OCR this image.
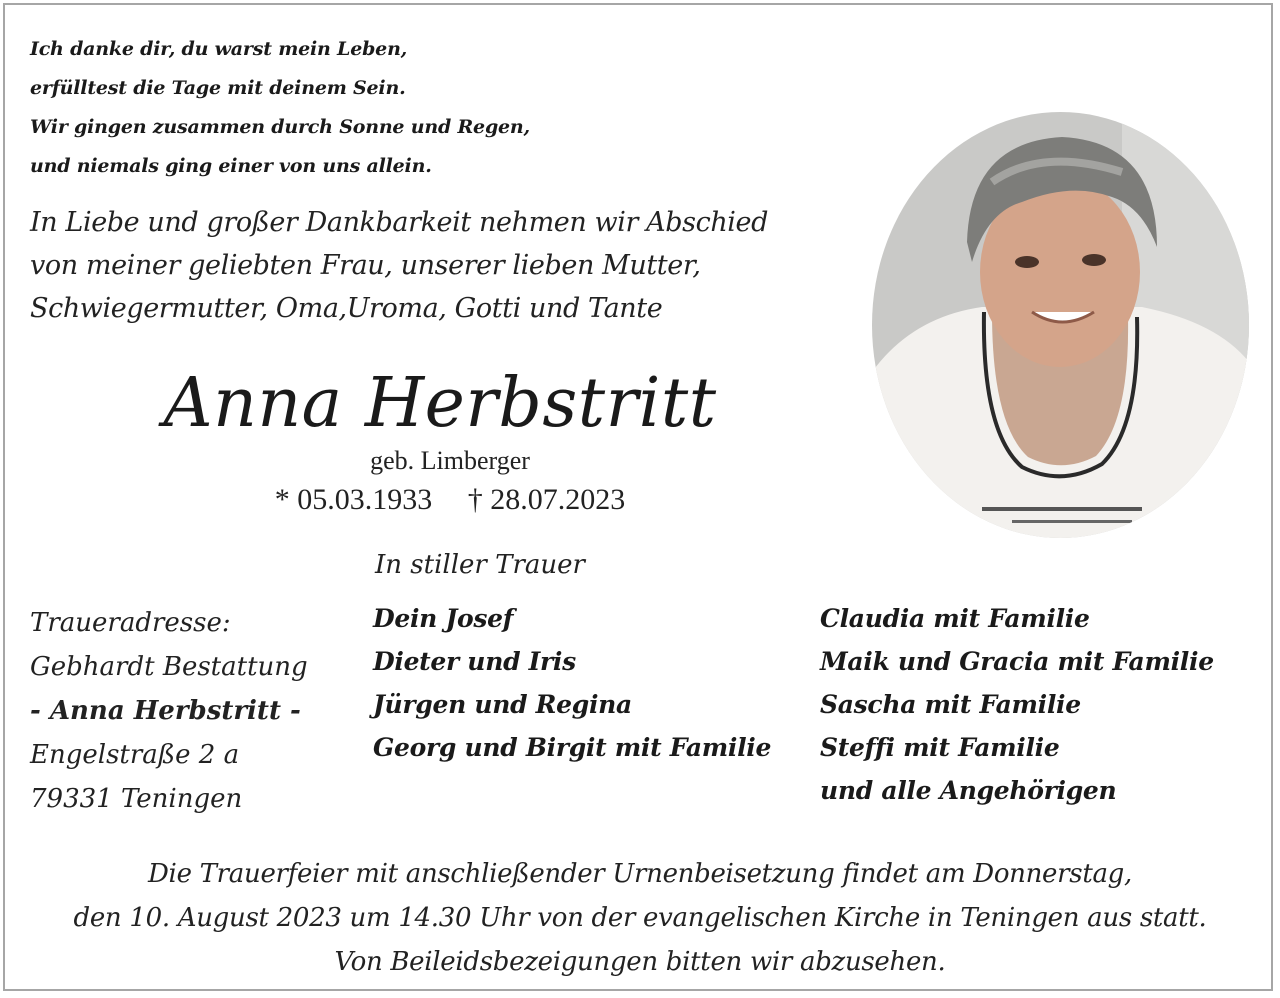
Ich danke dir, du warst mein Leben,
erfülltest die Tage mit deinem Sein.
Wir gingen zusammen durch Sonne und Regen,
und niemals ging einer von uns allein.
In Liebe und großer Dankbarkeit nehmen wir Abschied
von meiner geliebten Frau, unserer lieben Mutter,
Schwiegermutter, Oma,Uroma, Gotti und Tante
Anna Herbstritt
geb. Limberger
* 05.03.1933 † 28.07.2023
In stiller Trauer
Traueradresse:
Gebhardt Bestattung
- Anna Herbstritt -
Engelstraße 2 a
79331 Teningen
Dein Josef
Dieter und Iris
Jürgen und Regina
Georg und Birgit mit Familie
Claudia mit Familie
Maik und Gracia mit Familie
Sascha mit Familie
Steffi mit Familie
und alle Angehörigen
Die Trauerfeier mit anschließender Urnenbeisetzung findet am Donnerstag,
den 10. August 2023 um 14.30 Uhr von der evangelischen Kirche in Teningen aus statt.
Von Beileidsbezeigungen bitten wir abzusehen.
